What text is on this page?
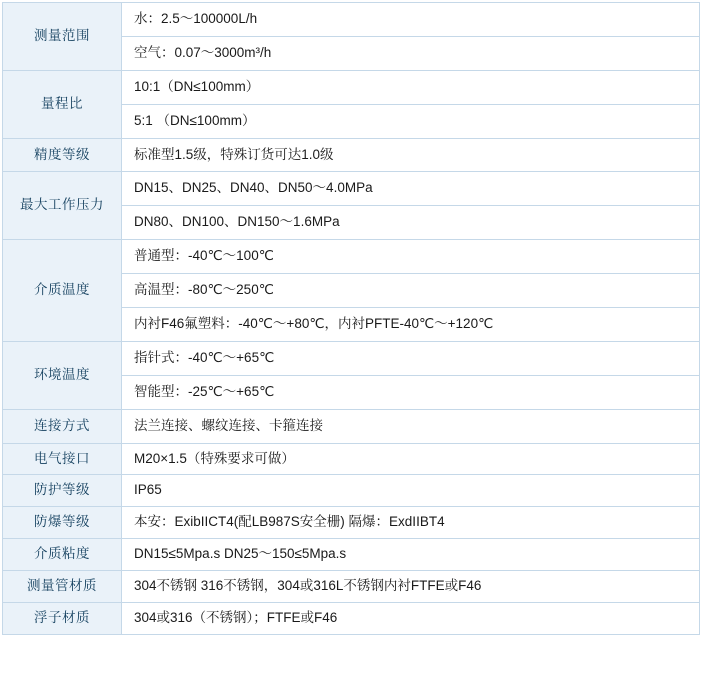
测量范围	水：2.5～100000L/h
	空气：0.07～3000m³/h
量程比	10:1（DN≤100mm）
	5:1 （DN≤100mm）
精度等级	标准型1.5级，特殊订货可达1.0级
最大工作压力	DN15、DN25、DN40、DN50～4.0MPa
	DN80、DN100、DN150～1.6MPa
介质温度	普通型：-40℃～100℃
	高温型：-80℃～250℃
	内衬F46氟塑料：-40℃～+80℃，内衬PFTE-40℃～+120℃
环境温度	指针式：-40℃～+65℃
	智能型：-25℃～+65℃
连接方式	法兰连接、螺纹连接、卡箍连接
电气接口	M20×1.5（特殊要求可做）
防护等级	IP65
防爆等级	本安：ExibIICT4(配LB987S安全栅) 隔爆：ExdIIBT4
介质粘度	DN15≤5Mpa.s DN25～150≤5Mpa.s
测量管材质	304不锈钢 316不锈钢，304或316L不锈钢内衬FTFE或F46
浮子材质	304或316（不锈钢）；FTFE或F46
